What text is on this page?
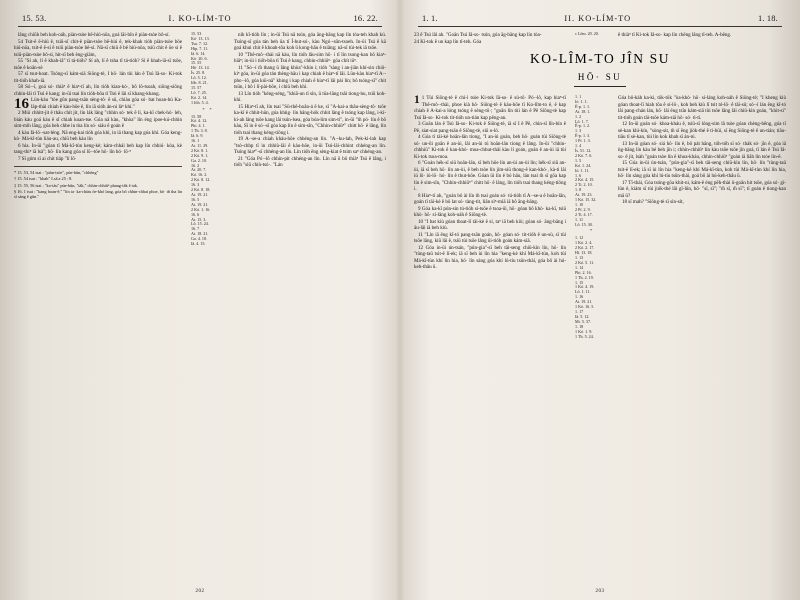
15. 53.	I. KO-LÍM-TO	16. 22.

lâng chiũh beh koh-oáh, piàn-tsòe bē-hiú-nōa, goá lāi-bīn ē piàn-tsòe bô-sí.

54 Tsit-ê ē-hiú ê, tsiū-sī chit-ê piàn-tsòe bē-hiú ê, tek-khak tióh piàn-tsòe bōe hiú-nōa, tsit-ê ē-sí ê tsiū piàn-tsòe bē-sí. Nā-sī chiū ê bē hiú-nōa, tsiū chit ê ōe sí ê tsiū-piàn-tsòe bô-sí, hit-sî beh èng-giām,

55 "Sí ah, lí ê khah-iâ" tī tá-tióh? Sí ah, lí ê tsha tī tá-tióh? Sí ê khah-iâ-sī tsōe, tsōe ê koân-sè

57 sī tsut-hoat. Tsóng-sī kám-siā Siōng-tè, I hō· lán tùi lán ê Tsú Iâ-so· Ki-tok tit-tióh khah-iâ.

58 Só·-í, goá só· thiàⁿ ê hiaⁿ-tī ah, lín tióh kian-kò·, bô lô-tsoah, siōng-siōng chhin-lâi tī Tsú ê kang; in-ūi tsai lín tióh-bôa tī Tsú ê lāi sī khang-khang.

16 Lūn-kàu "tòe gûn pang-tsān sèng-tô· ê sū, chiàu góa só· bat hoan-hù Ka-lāp-thài chiah ê kàu-hōe ê, lín iā sióh án-ni làⁿ khí."

2 Múi chhitt-jit ê thâu chít jit, lín lák lâng "chhin só· tek ê lí, ka-kī chek-hó· leh, bián kàu goá kàu ê sî chiah koan-tse. Góa nā kàu, "khòa" lín éng ipoe-kú-chhin sim-mih lâng, góa beh chhe in tòa lín só· siáu ê goán ê

4 kàu Iâ-lō·-sat-léng. Nā eng-kai tióh góa khì, in iā thang kap góa khì. Góa keng-kò· Má-kî-tùn liáu-au, chiū beh kàu lín

6 hia. In-ūi "góan tī Má-kî-tùn keng-kè; kám-chhái beh kap lín chhiú· kòa, kè tang-thiⁿ iā lsà"; hō· lín kang góa sí lō·-tōe hō· lín hó· lō·ⁿ

7 Sī góm sī ai chit tiáp "lí lō·

* 15. 53, 54 tsat : "piàn-tsòe", púe-bûn, "chhēng"

† 15. 54 tsat : "khah" Lsā a 25 : 8.

‡ 15. 55, 56 tsat : "ko-iáu" púe-bûn, "tāk," chhin-chhiūⁿ phang-tāk ê tak.

§ 16. 1 tsat : "kang hoan-ê," "lín ia· ka-chiàu ōe-khó lang, góa bô chhin-chhai phoe, hō· tñ tha lin sī sàng ê gûn."

15. 53

Kó· 13. 13.

Tsu. 7. 12.

Hip. 7. 11.

Iâ. 6. 14.

Kò· 20. 6.

15. 55

Hō· 13. 14.

Ís. 25. 8.

Lô. 5. 12.

Iōh. 8. 21.

15. 57

Lô. 7. 25.

Kó. 2. 14.

1 Ióh. 5. 4.

* *

15. 58

Kó. 4. 12.

Phi. 4. 1.

1 Th. 3. 8.

Iâ. 6. 9.

16. 1

At. 11. 29.

2 Kó. 8. 1.

2 Kó. 9. 1.

Ga. 2. 10.

16. 2

At. 20. 7.

Kó. 16. 2.

2 Kó. 8. 12.

16. 3

2 Kó. 8. 18.

At. 19. 21.

16. 5

At. 19. 21.

2 Kó. 1. 16.

16. 6

At. 15. 3.

Lô. 15. 24.

16. 7

At. 18. 21.

Ga. 4. 18.

Iâ. 4. 15.

nih kî-tióh lín ; in-ūi Tsú nā tsún, góa āng-bāng kap lín tòa-teh khah kú. Tsóng-sī góa tán beh ūa tī Í-hut-só·, kàu Ngó·-sûn-tsoeh. In-ūi Tsú ê kā goá khui chit ê khoah-tōa koh ū kong-hāu ê tsiâng; nā-sī tùi-tek iā tsōe.

10 "Thê-mô·-thài nā kàu, lín tióh lâu-sim hō· i tī lín tsong-kan bô kiaⁿ-hiâⁿ; in-ūi i tióh-bôa tī Tsú ê kang, chhin-chhiūⁿ· góa chít iūⁿ.

11 "Só·-í m̄ thang ū lâng khòa"-khin i; tióh "sàng i an-jiân khí-sin chiū-kiⁿ góa, in-ūi góa tán thèng-hāu i kap chiah ê hiaⁿ-tī lâi. Lūn-kàu hiaⁿ-tī A·-pho·-lô, góa kúi-nā" khing i kap chiah ê hiaⁿ-tī lâi pài lín; bô tsóng-sī" chit tsūn, i bô ì lī-pài-bōe, i chiū beh khì.

13 Lín tióh "kéng-séng, "khiā-un tī sìn, ū tōa-lâng tsâi tiong-hu, tsiū koh-khí.

15 Hiaⁿ-tī ah, lín tsai "Sū-thê-hoân-á ê ke, sī "A-kai-a thâu-sèng-tô· tsōe ka-kī ê chhit-hūn, góa khǹg· lín hâng-hók chhit lâng ê tsóng kap lâng, i-kí-kí-ah lâng tsōe kang lâi tsún-lsea, góa bóa-lim sim-ti", in-ūi "m̄ pó· lín ê bô kàu, Sī in ê só·-sī góa kap lín ê sim-sîn, "Chhin-chhiūⁿ" chitt hō· ê lâng, lín tióh tsai thang kéng-tiōng i.

19 A·-se-a chiah khàu-hōe chhéng-an lín. "A·-ku-lah, Pek-ki-lah kap "tsò-chhp tī in chhiù-lāi ê kàu-hōe, in-ūi Tsú-lāi-chhint chhéng-an lín. Tsóng hiaⁿ"-sī chhéng-an lín. Lín tióh ēng sèng-kiat ê tsim saⁿ chhéng-an.

21 "Góa Pó·-lô chhin-pit chhéng-an lín. Lín nā ū bô thiàⁿ Tsú ê lâng, i tióh "siū chiù-tsó·. "Lán

202
1. 1.	II. KO-LÍM-TO	1. 18.

23 ê Tsú lâi ah. "Goān Tsú Iâ-so· tsún, góa āg-bāng kap lín tòa-

24 Ki-tok ê un kap lín tī-teh. Góa

c Lōm. 20. 20.	ê thiàⁿ tī Ki-tok Iâ-so· kap lín chēng lâng tī-teh. A-bēng.

KO-LÎM-TO JÎN SU
HŌ· SU

1 1 Tùi Siōng-tè ê chí-ì tsòe Ki-tok Iâ-so· ê sù-tô· Pó·-lô, kap hiaⁿ-tī Thê-mô·-thài, phoe kià hō· Siōng-tè ê kàu-hōe tī Ko-lîm-to ê, ê kap chiah ê A-kai-a lóng tsóng ê sèng-tô·; "goān lín tùi lán ê Pē Siōng-tè kap Tsú Iâ-so· Ki-tok tit-tióh un-tián kap pêng-an.

3 Goān lán ê Tsú Iâ-so· Ki-tok ê Siōng-tè, iā sī I ê Pē, chin-sī lîn-bín ê Pē, siat-siat pang-tsān ê Siōng-tè, siū o-ló.

4 Góa tī tāi-kè hoān-lān tiong, "I an-ùi goán, beh hō· goán tùi Siōng-tè só· un-ûi goān ê an-ùi, lâi an-ùi tú hoān-lān tiong ê lâng. In-ūi "chhin-chhhiū" Ki-tok ê kan-khó· moa-chhut-thâi kàu lí goán, goán ê an-ùi iā tùi Ki-tok tsoa-moa.

6 "Goán hék-sī siū hoān-lān, sī beh hōe lín an-ùi an-ùi lín; hék-sī siū an-ùi, iā sī beh hō· lín an-ùi, ê beh tsòe lín jím-siū thong-ê kan-khó·, kà-ti lâi iú lō· iú-lō· hó· lín ê thut-hōe. Góan ūi lín ê bó hāu, lán tsai m̄ sī gōa kap lín ê sim-sîn, "Chhin-chhiūⁿ" chitt hō· ê lâng, lín tióh tsai thang kéng-tiōng i.

8 Hiaⁿ-tī ah, "goán bô ài lín m̄ tsai goán só· tú-tióh tī A·-se-a ê hoān-lān, goán tī tāi-kè ê bô lat só· tàng-tit, liân sìⁿ-miā iā bô āng-bāng.

9 Góa ka-kī pún-sin tú-tióh sí-tsōe ê tsoa-ūi, hō· góan bô khò· ka-kī, tsiū khò· hō· sí-lâng koh-oáh ê Siōng-tè.

10 "I bat kiù góan thoat-lī tāi-kè ê sí, taⁿ iā beh kiù; góan só· āng-bāng i āu-lâi iā beh kiù.

11 "Lín iā ēng kî-tó pang-tsān goán, hō· góan só· tit-tióh ê un-sù, sī tùi tsōe lâng, kiû lâi ê, tsiū tùi tsōe lâng ūi-tióh goán kám-siā.

12 Góa in-ūi ún-tsán, "pún-gia"-sī beh tāi-seng chiū-kìn lín, hō· lín "tùng-taū tsit-ê lī-ek; iā sī beh ùi lín hia "keng-kè khí Má-kî-tùn, koh tùi Má-kî-tùn khí lín hia, hō· lín sàng góa khí lú-tíu tsūn-thài, góa bô ài hú-keh-thâu ū.

1. 1

Ió. 1. 1.

Ē-p. 1. 1.

At. 18. 1.

1. 2

Lô. 1. 7.

Ē-p. 1. 2.

1. 3

Ē-p. 1. 3.

1 Pí. 1. 3.

1. 4

Ís. 51. 12.

2 Kó. 7. 6.

1. 5

Kó. 1. 24.

Ió. 1. 11.

1. 6

2 Kó. 4. 15.

2 Ti. 2. 10.

1. 8

At. 19. 23.

1 Kó. 15. 32.

1. 10

2 Pí. 2. 9.

2 Ti. 4. 17.

1. 11

Lô. 15. 30.

*

1. 12

1 Kó. 2. 4.

2 Kó. 2. 17.

Hí. 13. 18.

1. 13

2 Kó. 5. 11.

1. 14

Phi. 2. 16.

1 Th. 2. 19.

1. 15

1 Kó. 4. 19.

Lô. 1. 11.

1. 16

At. 19. 21.

1 Kó. 16. 5.

1. 17

Iâ. 5. 12.

Mt. 5. 37.

1. 18

1 Kó. 1. 9.

1 Th. 5. 24.

Góa bô-kàh ka-ki, tōk-tōk "òa-khò· hō· sí-láng koh-oáh ê Siōng-tè; "I kheng kiù góan thoat-lī hiah tōa ê sí-lō·, koh beh kiù lī tsit tó-lō· ê tāi-sū; só·-í lán ēng kî-tó lâi pang-chán lán, hō· lâi ēng tsīn kám-siā tùi tsōe lâng lâi chiū-kìn goán, "khit-si" tit-tióh goán tāi-tsōe kám-siā hō· só· tì-tì.

12 In-ūi goán só· khoa-kháu ê, tsiū-sī lóng-sim lâ tsòe góan chèng-bêng, góa tī sè-kan khì-kín, "sòng-sit, m̄ sī ēng jiók-thé ê tì-hūi, sī ēng Siōng-tè ê un-tián; tiâu-tiâu tī sè-kan, tùi lín kok khah sī án-ni.

13 In-ūi góan só· siá hō· lín ê, bô pát hāng, tóh-tóh sī só· thák só· jīn ê, góa iā ǹg-bāng lín kàu bé beh jīn i; chhin-chhiūⁿ lín kàu tsôe tsōe jīn goá, tī lán ê Tsú Iâ-so· ê jit, lsàh "goán tsòe lín ê khoa-kháu, chhin-chhiūⁿ "goán iā liâh lín tsòe lín-ê.

15 Góa in-ūi ún-tsán, "pún-gia"-sī beh tāi-seng chiū-kìn lín, hō· lín "tùng-taū tsit-ê lī-ek; iā sī ùi lín hia "keng-kè khí Má-kî-tùn, koh tùi Má-kî-tùn khí lín hia, hō· lín sàng góa khí lú-tíu tsūn-thài, goá bô ài hú-keh-thâu ū.

17 Tī-thài, Góa tsóng-gōa khit-ni, kám-ê éng pēh-thài ū-goān hit tsōe, góa só· gī-lūn ê, kiám sī tùi jiók-thé lâi gī-lūn, hō· "sī, sī"; "m̄ sī, m̄ sī"; tī goán ê tiong-kan mā ū?

18 sī mah? "Siōng-tè sī sìn-sít,

203
